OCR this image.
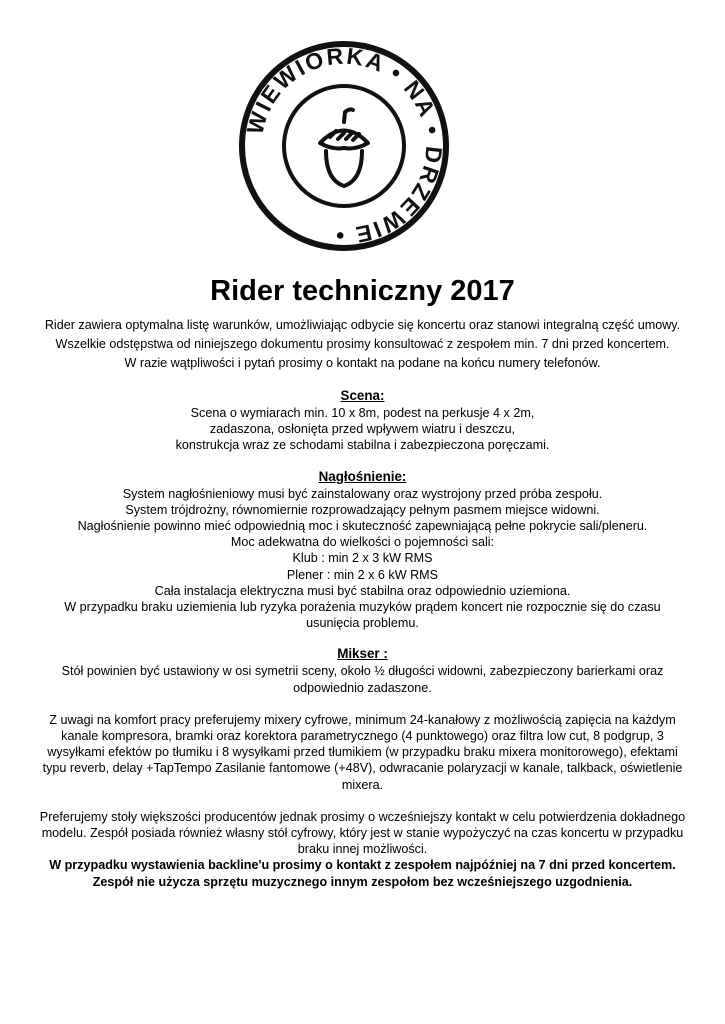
WIEWIÓRKA • NA • DRZEWIE •
Rider techniczny 2017

Rider zawiera optymalna listę warunków, umożliwiając odbycie się koncertu oraz stanowi integralną część umowy.

Wszelkie odstępstwa od niniejszego dokumentu prosimy konsultować z zespołem min. 7 dni przed koncertem.

W razie wątpliwości i pytań prosimy o kontakt na podane na końcu numery telefonów.

Scena:

Scena o wymiarach min. 10 x 8m, podest na perkusje 4 x 2m,

zadaszona, osłonięta przed wpływem wiatru i deszczu,

konstrukcja wraz ze schodami stabilna i zabezpieczona poręczami.

Nagłośnienie:

System nagłośnieniowy musi być zainstalowany oraz wystrojony przed próba zespołu.

System trójdrożny, równomiernie rozprowadzający pełnym pasmem miejsce widowni.

Nagłośnienie powinno mieć odpowiednią moc i skuteczność zapewniającą pełne pokrycie sali/pleneru.

Moc adekwatna do wielkości o pojemności sali:

Klub : min 2 x 3 kW RMS

Plener : min 2 x 6 kW RMS

Cała instalacja elektryczna musi być stabilna oraz odpowiednio uziemiona.

W przypadku braku uziemienia lub ryzyka porażenia muzyków prądem koncert nie rozpocznie się do czasu usunięcia problemu.

Mikser :

Stół powinien być ustawiony w osi symetrii sceny, około ½ długości widowni, zabezpieczony barierkami oraz odpowiednio zadaszone.

Z uwagi na komfort pracy preferujemy mixery cyfrowe, minimum 24-kanałowy z możliwością zapięcia na każdym kanale kompresora, bramki oraz korektora parametrycznego (4 punktowego) oraz filtra low cut, 8 podgrup, 3 wysyłkami efektów po tłumiku i 8 wysyłkami przed tłumikiem (w przypadku braku mixera monitorowego), efektami typu reverb, delay +TapTempo Zasilanie fantomowe (+48V), odwracanie polaryzacji w kanale, talkback, oświetlenie mixera.

Preferujemy stoły większości producentów jednak prosimy o wcześniejszy kontakt w celu potwierdzenia dokładnego modelu. Zespół posiada również własny stół cyfrowy, który jest w stanie wypożyczyć na czas koncertu w przypadku braku innej możliwości.

W przypadku wystawienia backline'u prosimy o kontakt z zespołem najpóźniej na 7 dni przed koncertem.

Zespół nie użycza sprzętu muzycznego innym zespołom bez wcześniejszego uzgodnienia.
